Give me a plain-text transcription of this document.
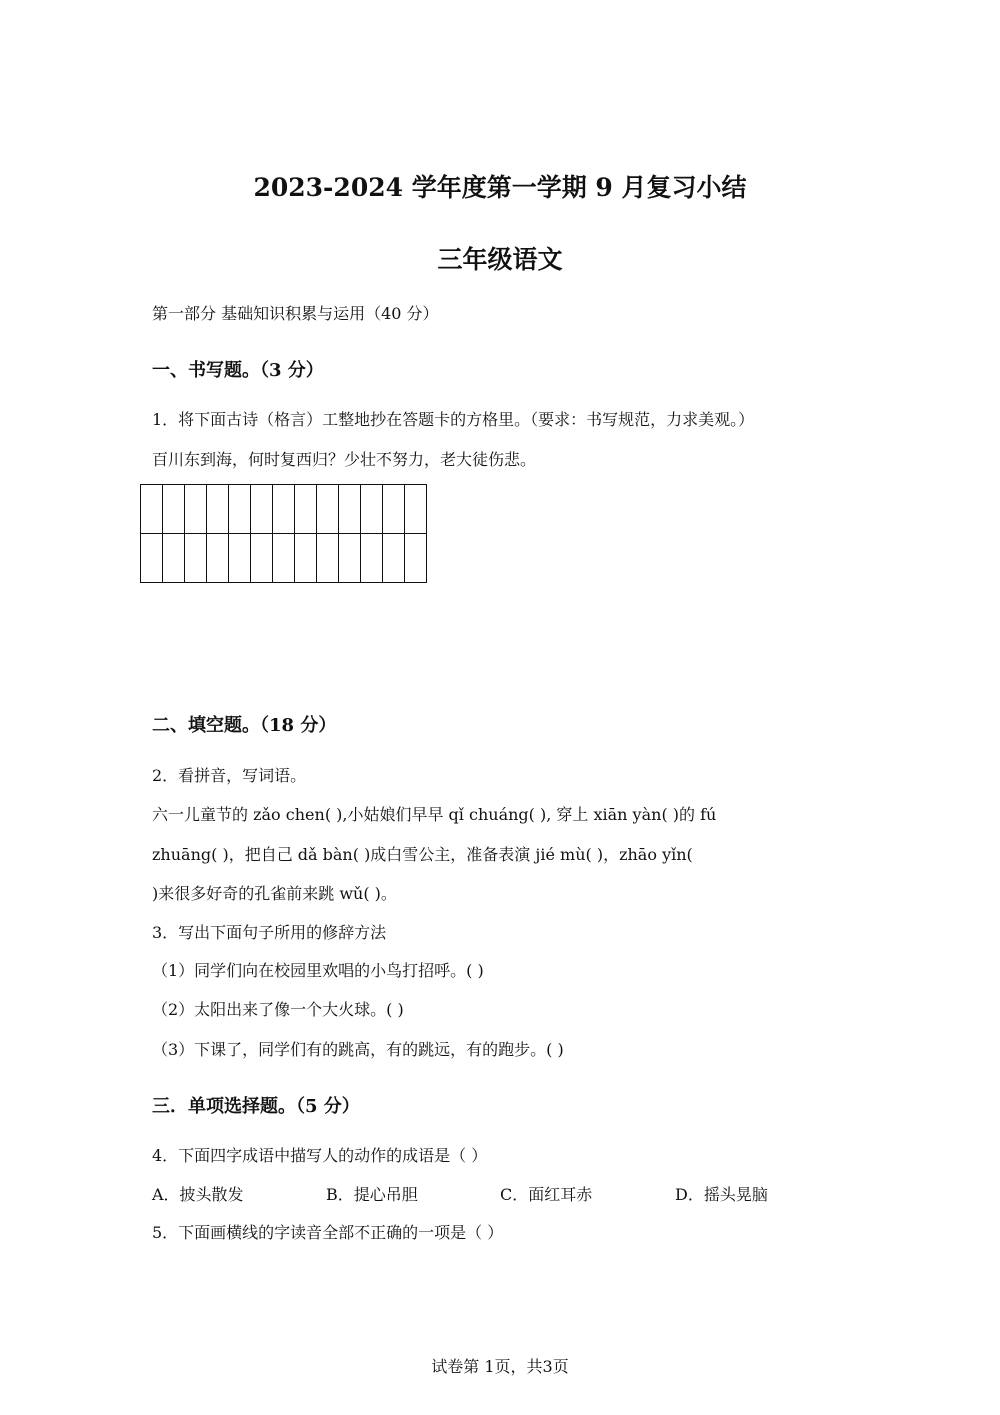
2023-2024 学年度第一学期 9 月复习小结
三年级语文
第一部分 基础知识积累与运用（40 分）
一、书写题。（3 分）
1．将下面古诗（格言）工整地抄在答题卡的方格里。（要求：书写规范，力求美观。）
百川东到海，何时复西归？少壮不努力，老大徒伤悲。

二、填空题。（18 分）
2．看拼音，写词语。
六一儿童节的 zǎo chen( ),小姑娘们早早 qǐ chuáng( ), 穿上 xiān yàn( )的 fú
zhuāng( )，把自己 dǎ bàn( )成白雪公主，准备表演 jié mù( )，zhāo yǐn(
)来很多好奇的孔雀前来跳 wǔ( )。
3．写出下面句子所用的修辞方法
（1）同学们向在校园里欢唱的小鸟打招呼。( )
（2）太阳出来了像一个大火球。( )
（3）下课了，同学们有的跳高，有的跳远，有的跑步。( )
三．单项选择题。（5 分）
4．下面四字成语中描写人的动作的成语是（ ）
A．披头散发	B．提心吊胆	C．面红耳赤	D．摇头晃脑
5．下面画横线的字读音全部不正确的一项是（ ）
试卷第 1页，共3页
